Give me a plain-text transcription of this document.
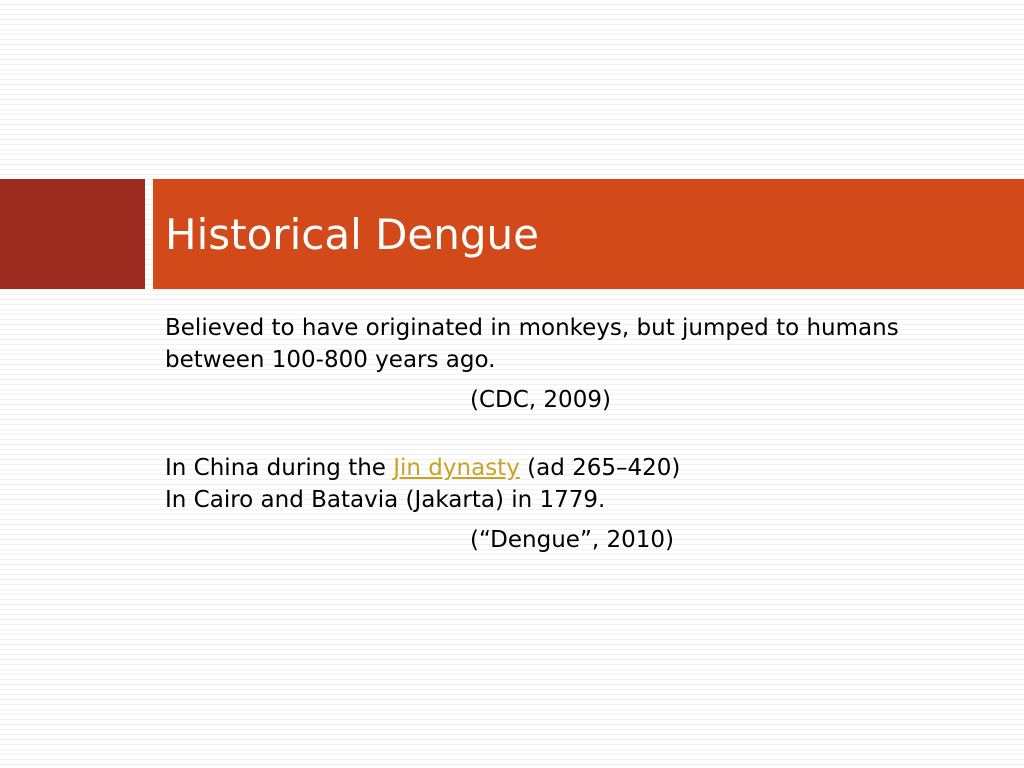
Historical Dengue

Believed to have originated in monkeys, but jumped to humans between 100-800 years ago.

(CDC, 2009)

In China during the Jin dynasty (ad 265–420)

In Cairo and Batavia (Jakarta) in 1779.

(“Dengue”, 2010)
